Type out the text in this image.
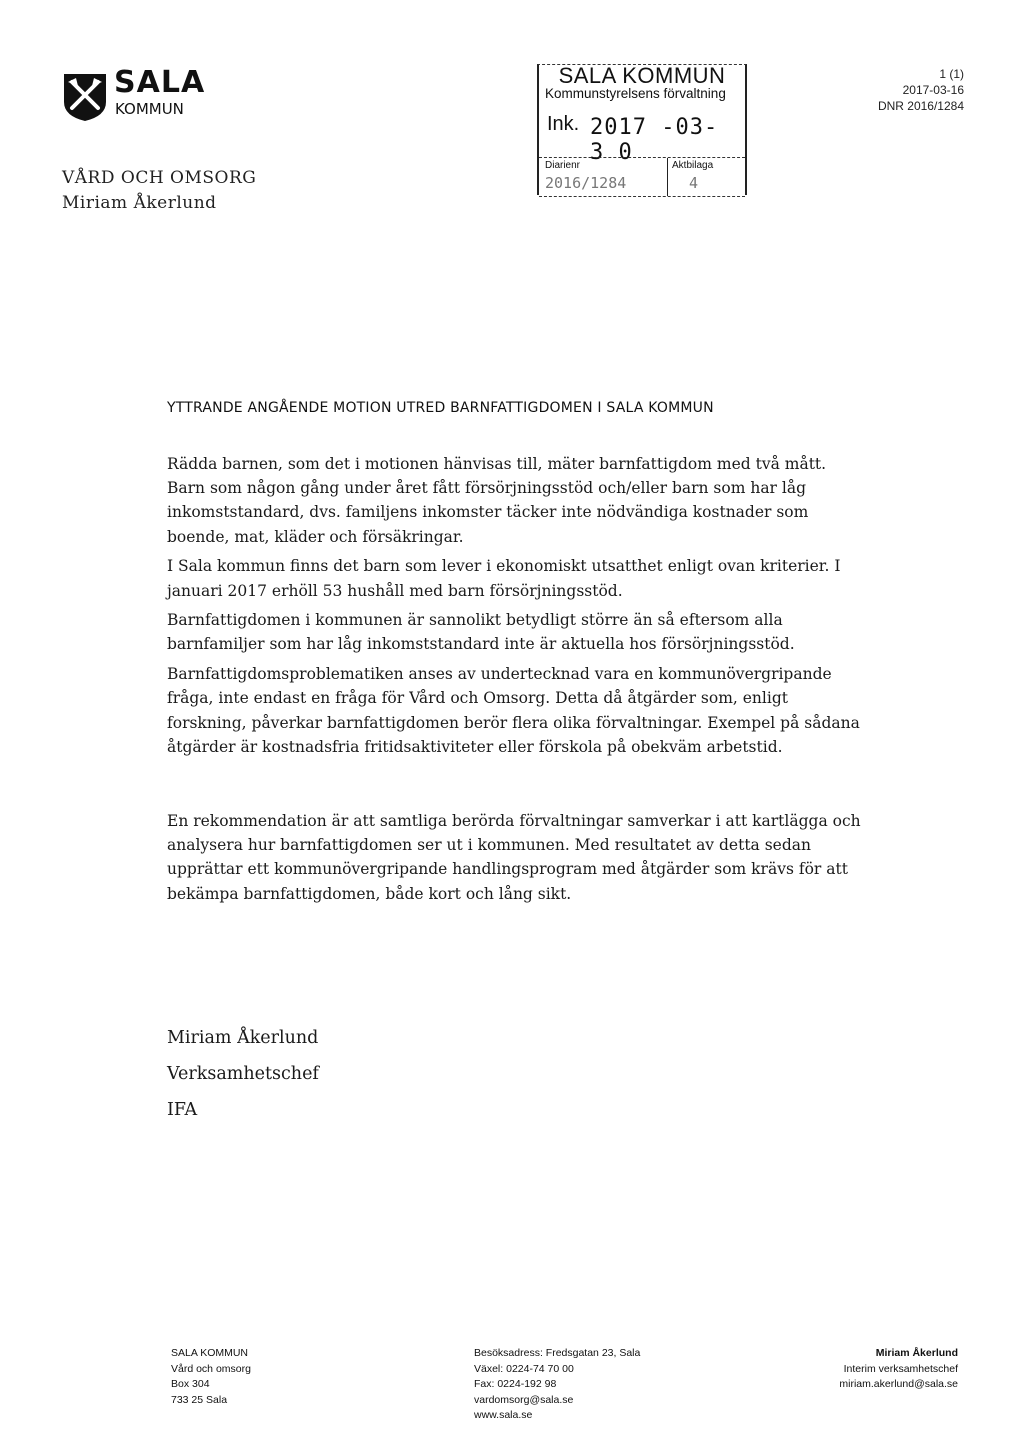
SALA
KOMMUN
VÅRD OCH OMSORG
Miriam Åkerlund
SALA KOMMUN
Kommunstyrelsens förvaltning
Ink. 2017 -03- 3 0
Diarienr
2016/1284
Aktbilaga
4
1 (1)
2017-03-16
DNR 2016/1284
YTTRANDE ANGÅENDE MOTION UTRED BARNFATTIGDOMEN I SALA KOMMUN

Rädda barnen, som det i motionen hänvisas till, mäter barnfattigdom med två mått. Barn som någon gång under året fått försörjningsstöd och/eller barn som har låg inkomststandard, dvs. familjens inkomster täcker inte nödvändiga kostnader som boende, mat, kläder och försäkringar.

I Sala kommun finns det barn som lever i ekonomiskt utsatthet enligt ovan kriterier. I januari 2017 erhöll 53 hushåll med barn försörjningsstöd.

Barnfattigdomen i kommunen är sannolikt betydligt större än så eftersom alla barnfamiljer som har låg inkomststandard inte är aktuella hos försörjningsstöd.

Barnfattigdomsproblematiken anses av undertecknad vara en kommunövergripande fråga, inte endast en fråga för Vård och Omsorg. Detta då åtgärder som, enligt forskning, påverkar barnfattigdomen berör flera olika förvaltningar. Exempel på sådana åtgärder är kostnadsfria fritidsaktiviteter eller förskola på obekväm arbetstid.

En rekommendation är att samtliga berörda förvaltningar samverkar i att kartlägga och analysera hur barnfattigdomen ser ut i kommunen. Med resultatet av detta sedan upprättar ett kommunövergripande handlingsprogram med åtgärder som krävs för att bekämpa barnfattigdomen, både kort och lång sikt.

Miriam Åkerlund
Verksamhetschef
IFA
SALA KOMMUN
Vård och omsorg
Box 304
733 25 Sala
Besöksadress: Fredsgatan 23, Sala
Växel: 0224-74 70 00
Fax: 0224-192 98
vardomsorg@sala.se
www.sala.se
Miriam Åkerlund
Interim verksamhetschef
miriam.akerlund@sala.se
